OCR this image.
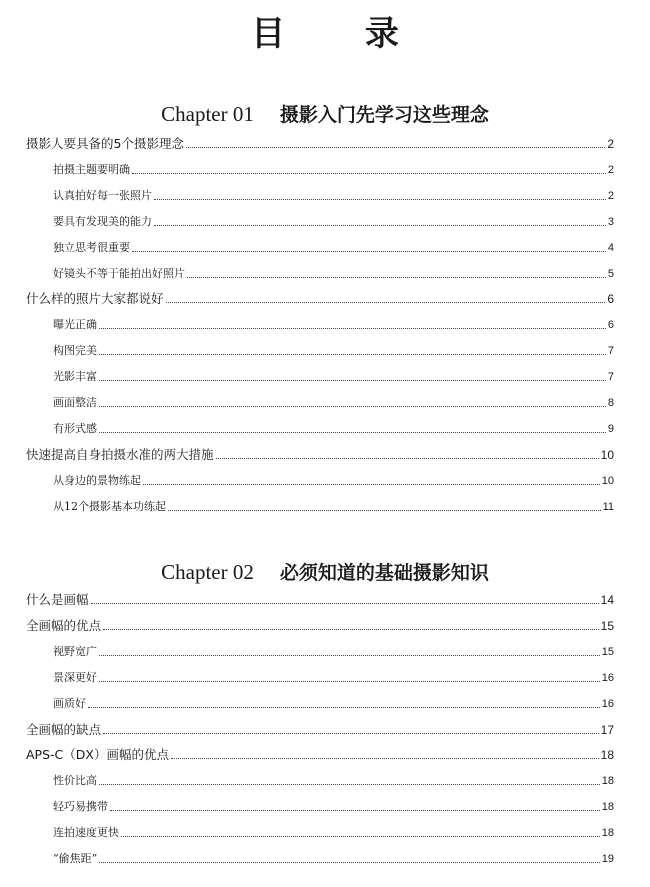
目 录
Chapter 01 摄影入门先学习这些理念
摄影人要具备的5个摄影理念	2
拍摄主题要明确	2
认真拍好每一张照片	2
要具有发现美的能力	3
独立思考很重要	4
好镜头不等于能拍出好照片	5
什么样的照片大家都说好	6
曝光正确	6
构图完美	7
光影丰富	7
画面整洁	8
有形式感	9
快速提高自身拍摄水准的两大措施	10
从身边的景物练起	10
从12个摄影基本功练起	11
Chapter 02 必须知道的基础摄影知识
什么是画幅	14
全画幅的优点	15
视野宽广	15
景深更好	16
画质好	16
全画幅的缺点	17
APS-C（DX）画幅的优点	18
性价比高	18
轻巧易携带	18
连拍速度更快	18
“偷焦距”	19
